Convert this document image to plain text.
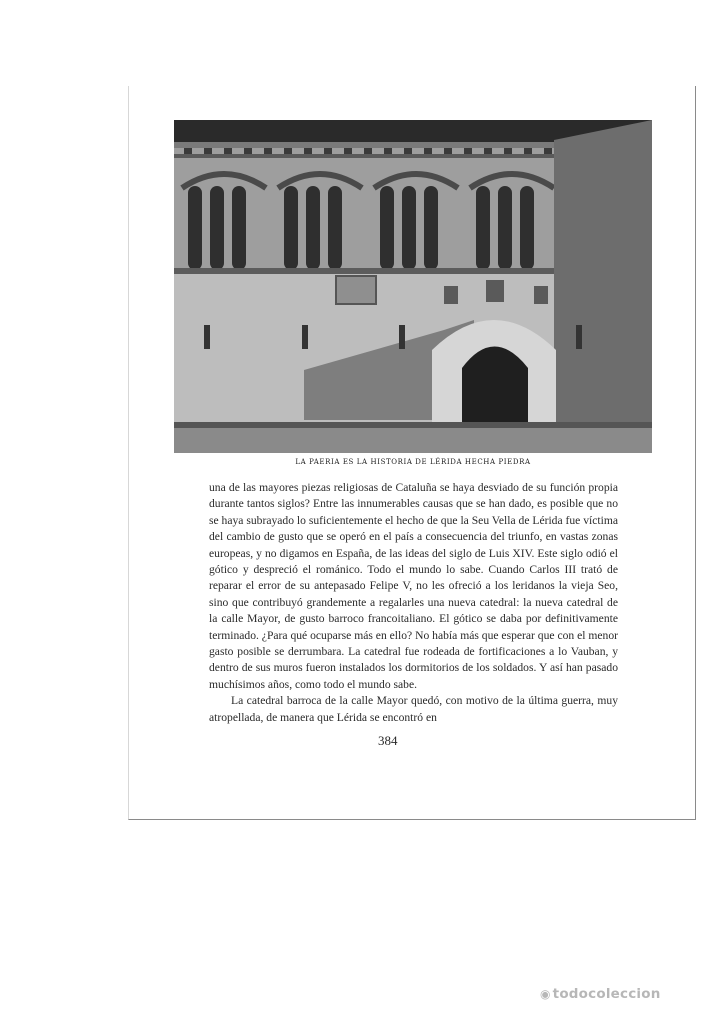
LA PAERIA ES LA HISTORIA DE LÉRIDA HECHA PIEDRA

una de las mayores piezas religiosas de Cataluña se haya desviado de su función propia durante tantos siglos? Entre las innumerables causas que se han dado, es posible que no se haya subrayado lo suficientemente el hecho de que la Seu Vella de Lérida fue víctima del cambio de gusto que se operó en el país a consecuencia del triunfo, en vastas zonas europeas, y no digamos en España, de las ideas del siglo de Luis XIV. Este siglo odió el gótico y despreció el románico. Todo el mundo lo sabe. Cuando Carlos III trató de reparar el error de su antepasado Felipe V, no les ofreció a los leridanos la vieja Seo, sino que contribuyó grandemente a regalarles una nueva catedral: la nueva catedral de la calle Mayor, de gusto barroco francoitaliano. El gótico se daba por definitivamente terminado. ¿Para qué ocuparse más en ello? No había más que esperar que con el menor gasto posible se derrumbara. La catedral fue rodeada de fortificaciones a lo Vauban, y dentro de sus muros fueron instalados los dormitorios de los soldados. Y así han pasado muchísimos años, como todo el mundo sabe.

La catedral barroca de la calle Mayor quedó, con motivo de la última guerra, muy atropellada, de manera que Lérida se encontró en

384
◉ todocoleccion
